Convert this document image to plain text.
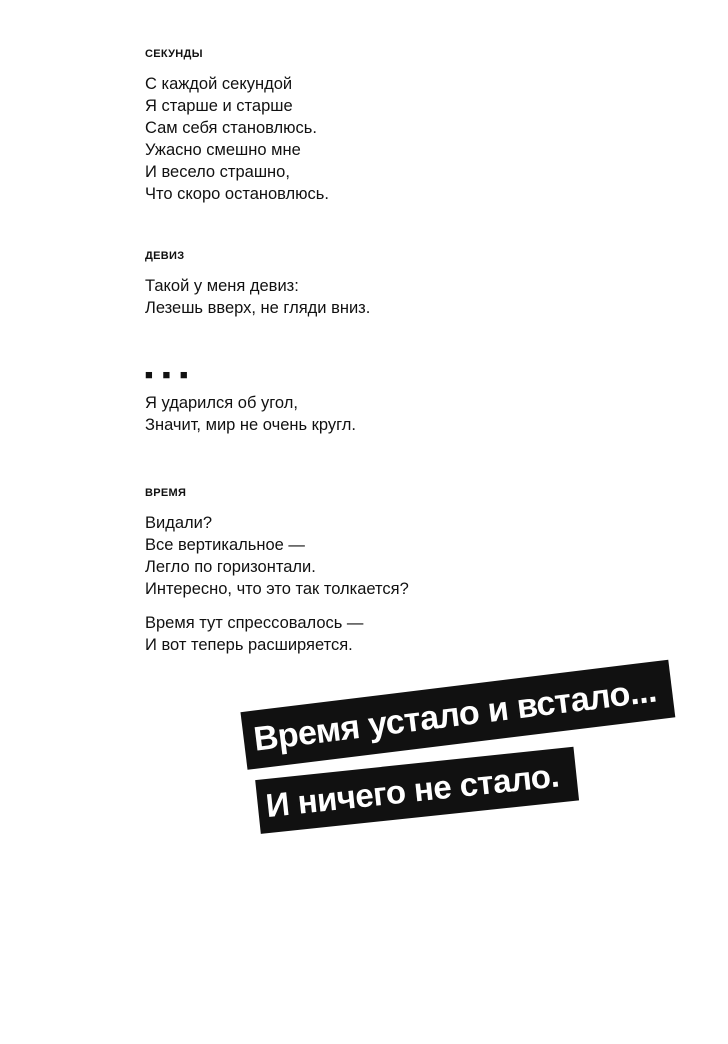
СЕКУНДЫ
С каждой секундой
Я старше и старше
Сам себя становлюсь.
Ужасно смешно мне
И весело страшно,
Что скоро остановлюсь.
ДЕВИЗ
Такой у меня девиз:
Лезешь вверх, не гляди вниз.
■ ■ ■
Я ударился об угол,
Значит, мир не очень кругл.
ВРЕМЯ
Видали?
Все вертикальное —
Легло по горизонтали.
Интересно, что это так толкается?
Время тут спрессовалось —
И вот теперь расширяется.
Время устало и встало...
И ничего не стало.
